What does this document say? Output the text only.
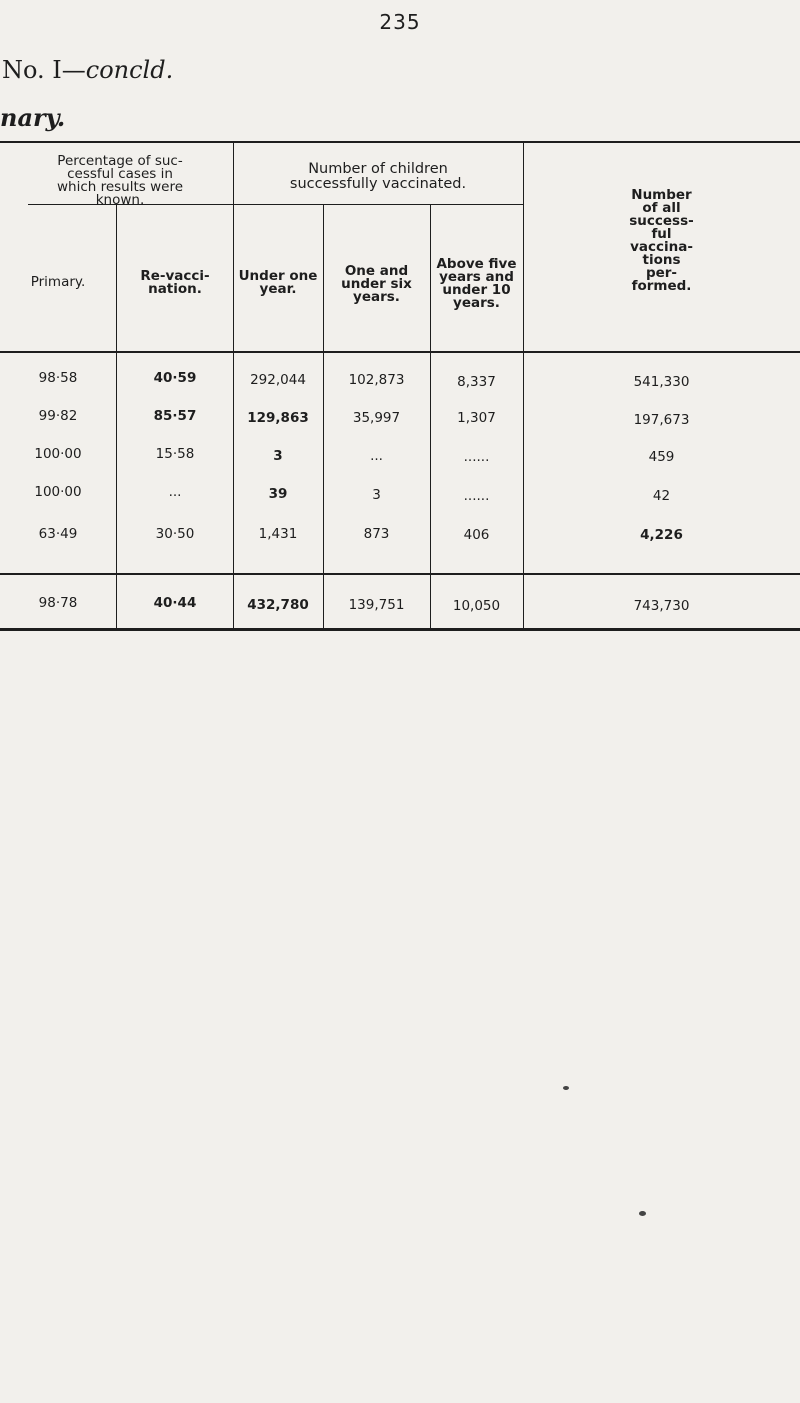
235
No. I—concld.
nary.
Percentage of suc-
cessful cases in
which results were
known.
Primary.	Re-vacci-
nation.
Number of children
successfully vaccinated.
Under one
year.
One and
under six
years.
Above five
years and
under 10
years.
Number
of all
success-
ful
vaccina-
tions
per-
formed.
98·58	40·59	292,044	102,873	8,337	541,330
99·82	85·57	129,863	35,997	1,307	197,673
100·00	15·58	3	...	......	459
100·00	...	39	3	......	42
63·49	30·50	1,431	873	406	4,226
98·78	40·44	432,780	139,751	10,050	743,730
